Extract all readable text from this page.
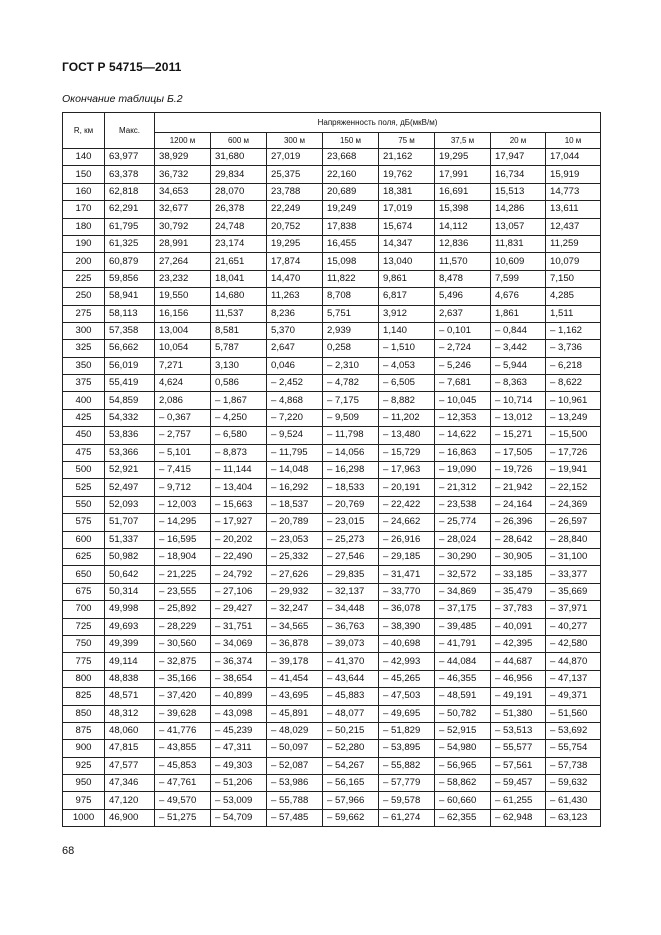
ГОСТ Р 54715—2011
Окончание таблицы Б.2
R, км	Макс.	Напряженность поля, дБ(мкВ/м)							
		1200 м	600 м	300 м	150 м	75 м	37,5 м	20 м	10 м
140	63,977	38,929	31,680	27,019	23,668	21,162	19,295	17,947	17,044
150	63,378	36,732	29,834	25,375	22,160	19,762	17,991	16,734	15,919
160	62,818	34,653	28,070	23,788	20,689	18,381	16,691	15,513	14,773
170	62,291	32,677	26,378	22,249	19,249	17,019	15,398	14,286	13,611
180	61,795	30,792	24,748	20,752	17,838	15,674	14,112	13,057	12,437
190	61,325	28,991	23,174	19,295	16,455	14,347	12,836	11,831	11,259
200	60,879	27,264	21,651	17,874	15,098	13,040	11,570	10,609	10,079
225	59,856	23,232	18,041	14,470	11,822	9,861	8,478	7,599	7,150
250	58,941	19,550	14,680	11,263	8,708	6,817	5,496	4,676	4,285
275	58,113	16,156	11,537	8,236	5,751	3,912	2,637	1,861	1,511
300	57,358	13,004	8,581	5,370	2,939	1,140	– 0,101	– 0,844	– 1,162
325	56,662	10,054	5,787	2,647	0,258	– 1,510	– 2,724	– 3,442	– 3,736
350	56,019	7,271	3,130	0,046	– 2,310	– 4,053	– 5,246	– 5,944	– 6,218
375	55,419	4,624	0,586	– 2,452	– 4,782	– 6,505	– 7,681	– 8,363	– 8,622
400	54,859	2,086	– 1,867	– 4,868	– 7,175	– 8,882	– 10,045	– 10,714	– 10,961
425	54,332	– 0,367	– 4,250	– 7,220	– 9,509	– 11,202	– 12,353	– 13,012	– 13,249
450	53,836	– 2,757	– 6,580	– 9,524	– 11,798	– 13,480	– 14,622	– 15,271	– 15,500
475	53,366	– 5,101	– 8,873	– 11,795	– 14,056	– 15,729	– 16,863	– 17,505	– 17,726
500	52,921	– 7,415	– 11,144	– 14,048	– 16,298	– 17,963	– 19,090	– 19,726	– 19,941
525	52,497	– 9,712	– 13,404	– 16,292	– 18,533	– 20,191	– 21,312	– 21,942	– 22,152
550	52,093	– 12,003	– 15,663	– 18,537	– 20,769	– 22,422	– 23,538	– 24,164	– 24,369
575	51,707	– 14,295	– 17,927	– 20,789	– 23,015	– 24,662	– 25,774	– 26,396	– 26,597
600	51,337	– 16,595	– 20,202	– 23,053	– 25,273	– 26,916	– 28,024	– 28,642	– 28,840
625	50,982	– 18,904	– 22,490	– 25,332	– 27,546	– 29,185	– 30,290	– 30,905	– 31,100
650	50,642	– 21,225	– 24,792	– 27,626	– 29,835	– 31,471	– 32,572	– 33,185	– 33,377
675	50,314	– 23,555	– 27,106	– 29,932	– 32,137	– 33,770	– 34,869	– 35,479	– 35,669
700	49,998	– 25,892	– 29,427	– 32,247	– 34,448	– 36,078	– 37,175	– 37,783	– 37,971
725	49,693	– 28,229	– 31,751	– 34,565	– 36,763	– 38,390	– 39,485	– 40,091	– 40,277
750	49,399	– 30,560	– 34,069	– 36,878	– 39,073	– 40,698	– 41,791	– 42,395	– 42,580
775	49,114	– 32,875	– 36,374	– 39,178	– 41,370	– 42,993	– 44,084	– 44,687	– 44,870
800	48,838	– 35,166	– 38,654	– 41,454	– 43,644	– 45,265	– 46,355	– 46,956	– 47,137
825	48,571	– 37,420	– 40,899	– 43,695	– 45,883	– 47,503	– 48,591	– 49,191	– 49,371
850	48,312	– 39,628	– 43,098	– 45,891	– 48,077	– 49,695	– 50,782	– 51,380	– 51,560
875	48,060	– 41,776	– 45,239	– 48,029	– 50,215	– 51,829	– 52,915	– 53,513	– 53,692
900	47,815	– 43,855	– 47,311	– 50,097	– 52,280	– 53,895	– 54,980	– 55,577	– 55,754
925	47,577	– 45,853	– 49,303	– 52,087	– 54,267	– 55,882	– 56,965	– 57,561	– 57,738
950	47,346	– 47,761	– 51,206	– 53,986	– 56,165	– 57,779	– 58,862	– 59,457	– 59,632
975	47,120	– 49,570	– 53,009	– 55,788	– 57,966	– 59,578	– 60,660	– 61,255	– 61,430
1000	46,900	– 51,275	– 54,709	– 57,485	– 59,662	– 61,274	– 62,355	– 62,948	– 63,123
68
